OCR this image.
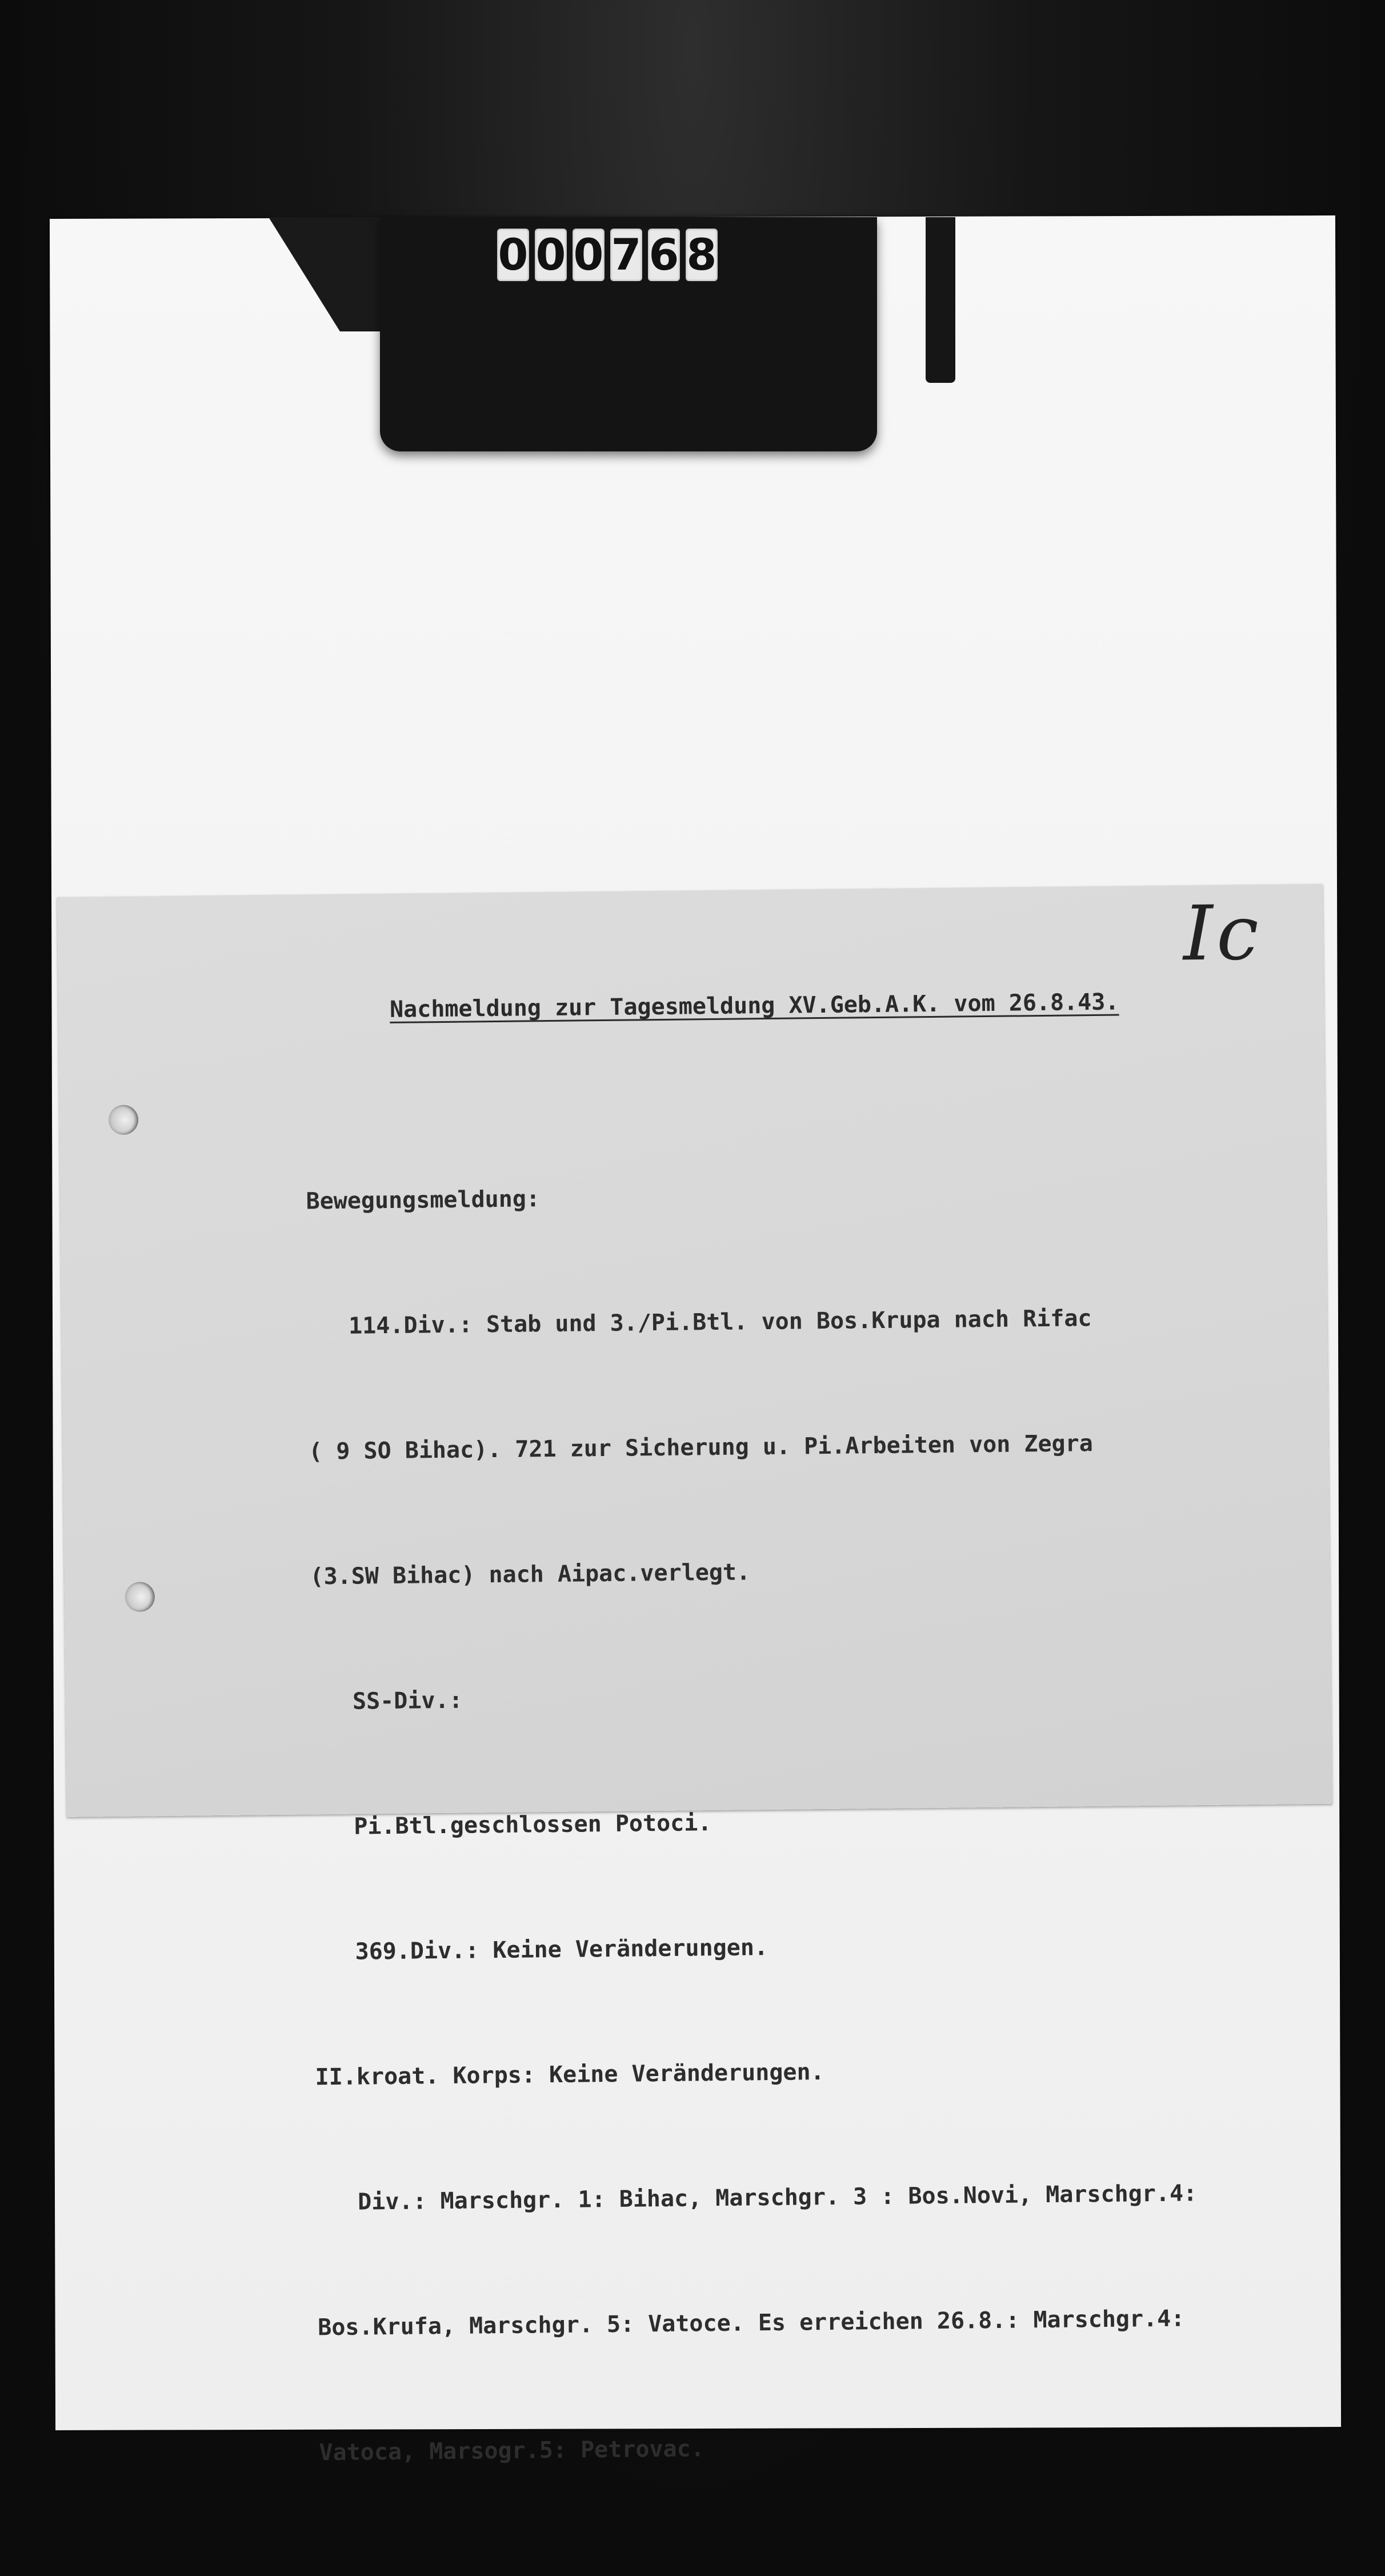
0 0 0 7 6 8
Ic
Nachmeldung zur Tagesmeldung XV.Geb.A.K. vom 26.8.43.

Bewegungsmeldung:

114.Div.: Stab und 3./Pi.Btl. von Bos.Krupa nach Rifac

( 9 SO Bihac). 721 zur Sicherung u. Pi.Arbeiten von Zegra

(3.SW Bihac) nach Aipac.verlegt.

SS-Div.:

Pi.Btl.geschlossen Potoci.

369.Div.: Keine Veränderungen.

II.kroat. Korps: Keine Veränderungen.

Div.: Marschgr. 1: Bihac, Marschgr. 3 : Bos.Novi, Marschgr.4:

Bos.Krufa, Marschgr. 5: Vatoce. Es erreichen 26.8.: Marschgr.4:

Vatoca, Marsogr.5: Petrovac.
